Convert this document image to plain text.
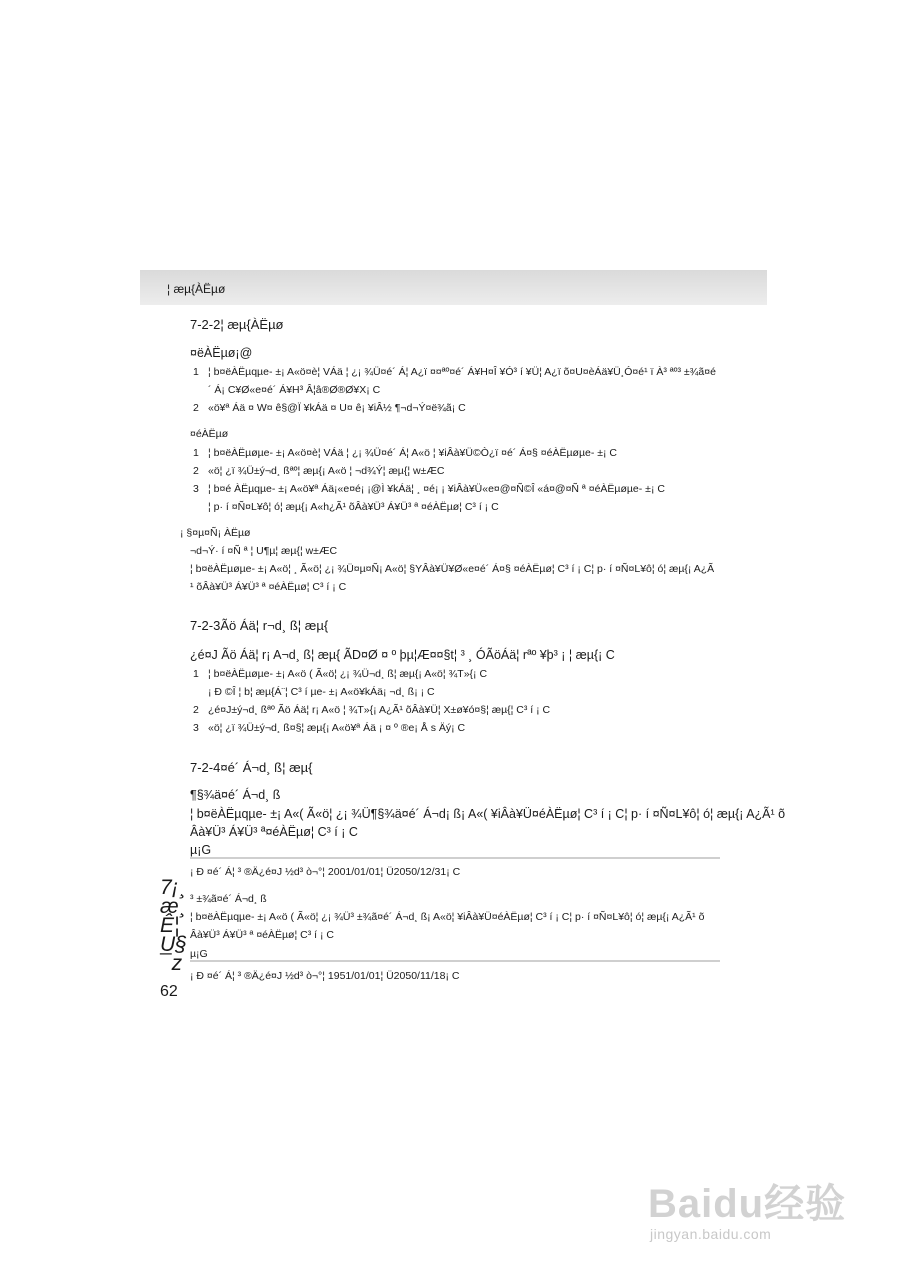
¦ æµ{ÀËµø
7-2-2¦ æµ{ÀËµø
¤ëÀËµø¡@
1 ¦ b¤ëÀËµqµe- ±¡ A«ö¤è¦ VÁä ¦ ¿¡ ¾Ü¤é´ Á¦ A¿ï ¤¤ªº¤é´ Á¥H¤Î ¥Ó³ í ¥Ü¦ A¿ï õ¤U¤èÁä¥Ü¸Ó¤é¹ ï À³ ªº³ ±¾ã¤é
´ Á¡ C¥Ø«e¤é´ Á¥H³ Â¦â®Ø®Ø¥X¡ C
2 «ö¥ª Áä ¤ W¤ ê§@Ï ¥kÁä ¤ U¤ ê¡ ¥iÂ½ ¶¬d¬Ý¤ë¾ã¡ C
¤éÀËµø
1 ¦ b¤ëÀËµøµe- ±¡ A«ö¤è¦ VÁä ¦ ¿¡ ¾Ü¤é´ Á¦ A«ö ¦ ¥iÂà¥Ü©Ò¿ï ¤é´ Á¤§ ¤éÀËµøµe- ±¡ C
2 «ö¦ ¿ï ¾Ü±ý¬d¸ ßªº¦ æµ{¡ A«ö ¦ ¬d¾Ý¦ æµ{¦ w±ÆC
3 ¦ b¤é ÀËµqµe- ±¡ A«ö¥ª Áä¡«e¤é¡ ¡@Ì ¥kÁä¦ ¸ ¤é¡ ¡ ¥iÂà¥Ü«e¤@¤Ñ©Î «á¤@¤Ñ ª ¤éÀËµøµe- ±¡ C
¦ p· í ¤Ñ¤L¥ô¦ ó¦ æµ{¡ A«h¿Ã¹ õÂà¥Ü³ Á¥Ü³ ª ¤éÀËµø¦ C³ í ¡ C
¡ §¤µ¤Ñ¡ ÀËµø
¬d¬Ý· í ¤Ñ ª ¦ U¶µ¦ æµ{¦ w±ÆC
¦ b¤ëÀËµøµe- ±¡ A«ö¦ ¸ Ã«ö¦ ¿¡ ¾Ü¤µ¤Ñ¡ A«ö¦ §YÂà¥Ü¥Ø«e¤é´ Á¤§ ¤éÀËµø¦ C³ í ¡ C¦ p· í ¤Ñ¤L¥ô¦ ó¦ æµ{¡ A¿Ã
¹ õÂà¥Ü³ Á¥Ü³ ª ¤éÀËµø¦ C³ í ¡ C
7-2-3Ãö Áä¦ r¬d¸ ß¦ æµ{
¿é¤J Ãö Áä¦ r¡ A¬d¸ ß¦ æµ{ ÃD¤Ø ¤ º þµ¦Æ¤¤§t¦ ³ ¸ ÓÃöÁä¦ rªº ¥þ³ ¡ ¦ æµ{¡ C
1 ¦ b¤ëÀËµøµe- ±¡ A«ö ( Ã«ö¦ ¿¡ ¾Ü¬d¸ ß¦ æµ{¡ A«ö¦ ¾T»{¡ C
¡ Ð ©Î ¦ b¦ æµ{Á¨¦ C³ í µe- ±¡ A«ö¥kÁä¡ ¬d¸ ß¡ ¡ C
2 ¿é¤J±ý¬d¸ ßªº Ãö Áä¦ r¡ A«ö ¦ ¾T»{¡ A¿Ã¹ õÂà¥Ü¦ X±ø¥ó¤§¦ æµ{¦ C³ í ¡ C
3 «ö¦ ¿ï ¾Ü±ý¬d¸ ß¤§¦ æµ{¡ A«ö¥ª Áä ¡ ¤ º ®e¡ Å s Äý¡ C
7-2-4¤é´ Á¬d¸ ß¦ æµ{
¶§¾ä¤é´ Á¬d¸ ß
¦ b¤ëÀËµqµe- ±¡ A«( Ã«ö¦ ¿¡ ¾Ü¶§¾ä¤é´ Á¬d¡ ß¡ A«( ¥iÂà¥Ü¤éÀËµø¦ C³ í ¡ C¦ p· í ¤Ñ¤L¥ô¦ ó¦ æµ{¡ A¿Ã¹ õ
Âà¥Ü³ Á¥Ü³ ª¤éÀËµø¦ C³ í ¡ C
µ¡G
¡ Ð ¤é´ Á¦ ³ ®Ä¿é¤J ½d³ ò¬°¦ 2001/01/01¦ Ü2050/12/31¡ C
³ ±¾ã¤é´ Á¬d¸ ß
¦ b¤ëÀËµqµe- ±¡ A«ö ( Ã«ö¦ ¿¡ ¾Ü³ ±¾ã¤é´ Á¬d¸ ß¡ A«ö¦ ¥iÂà¥Ü¤éÀËµø¦ C³ í ¡ C¦ p· í ¤Ñ¤L¥ô¦ ó¦ æµ{¡ A¿Ã¹ õ
Âà¥Ü³ Á¥Ü³ ª ¤éÀËµø¦ C³ í ¡ C
µ¡G
¡ Ð ¤é´ Á¦ ³ ®Ä¿é¤J ½d³ ò¬°¦ 1951/01/01¦ Ü2050/11/18¡ C
7¡¸æ¸Ê¦U§¯z
62
Baidu经验
jingyan.baidu.com
